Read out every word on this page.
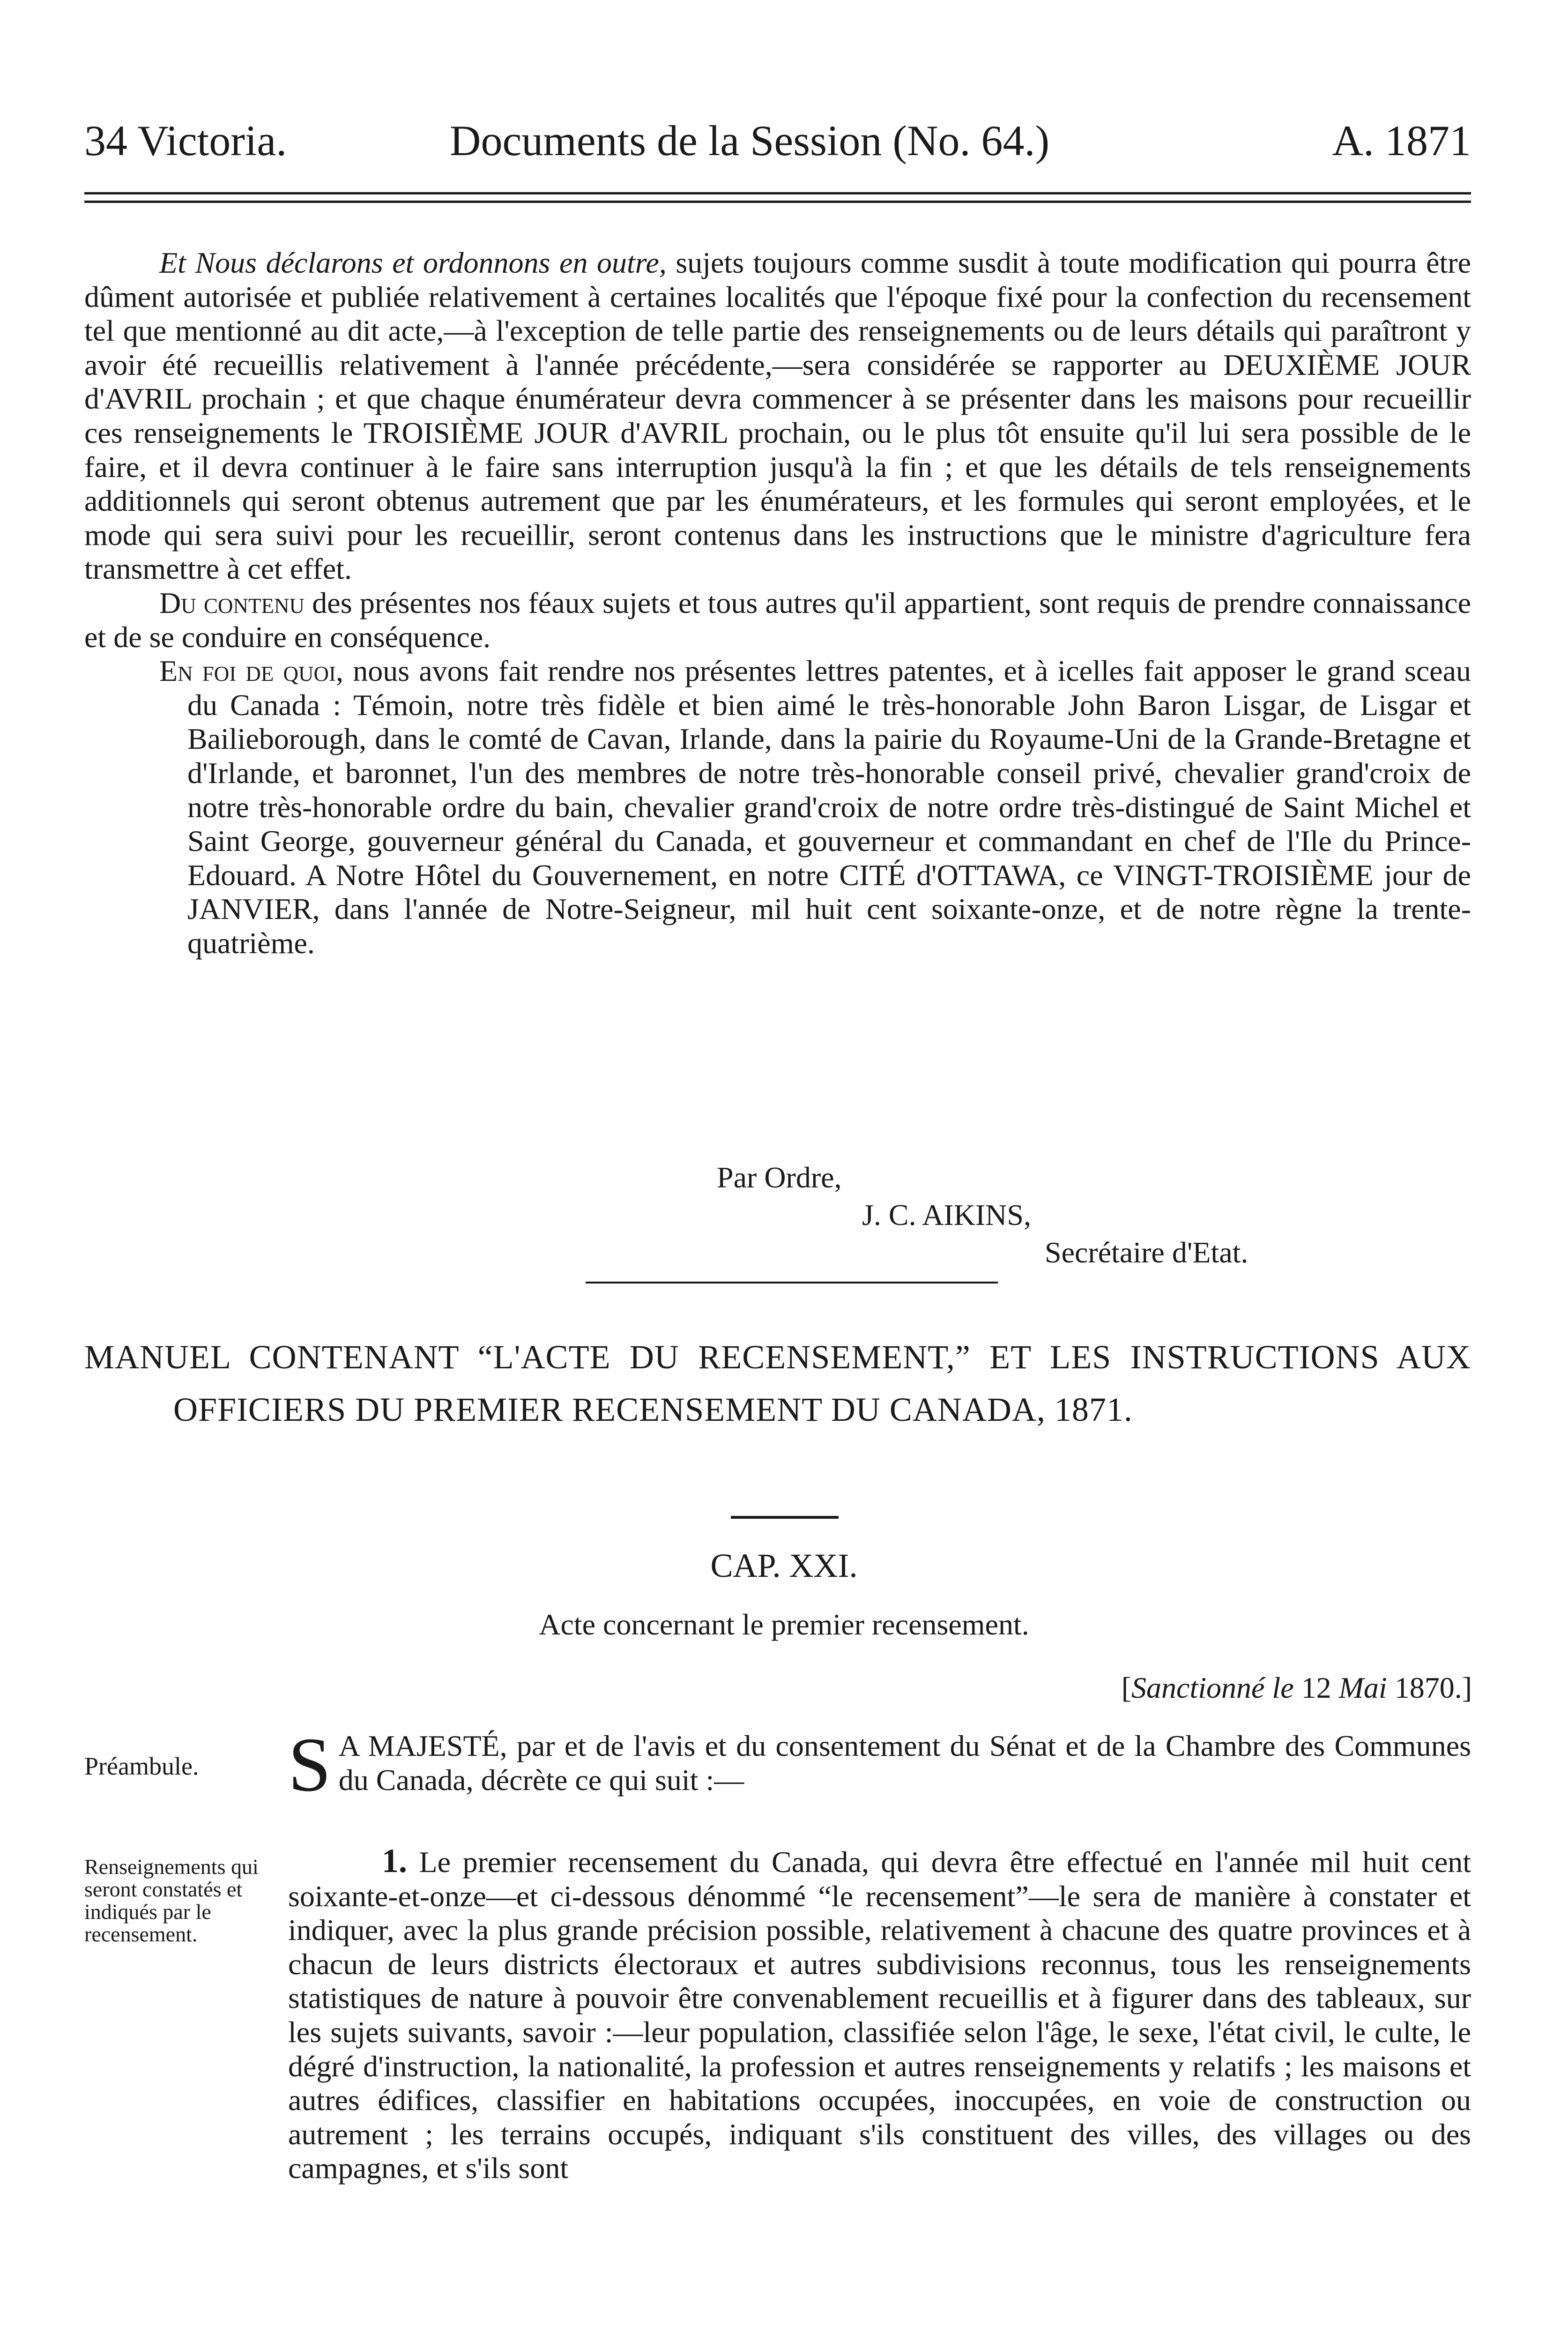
34 Victoria.	Documents de la Session (No. 64.)	A. 1871

Et Nous déclarons et ordonnons en outre, sujets toujours comme susdit à toute modification qui pourra être dûment autorisée et publiée relativement à certaines localités que l'époque fixé pour la confection du recensement tel que mentionné au dit acte,—à l'exception de telle partie des renseignements ou de leurs détails qui paraîtront y avoir été recueillis relativement à l'année précédente,—sera considérée se rapporter au DEUXIÈME JOUR d'AVRIL prochain ; et que chaque énumérateur devra commencer à se présenter dans les maisons pour recueillir ces renseignements le TROISIÈME JOUR d'AVRIL prochain, ou le plus tôt ensuite qu'il lui sera possible de le faire, et il devra continuer à le faire sans interruption jusqu'à la fin ; et que les détails de tels renseignements additionnels qui seront obtenus autrement que par les énumérateurs, et les formules qui seront employées, et le mode qui sera suivi pour les recueillir, seront contenus dans les instructions que le ministre d'agriculture fera transmettre à cet effet.

Du contenu des présentes nos féaux sujets et tous autres qu'il appartient, sont requis de prendre connaissance et de se conduire en conséquence.

En foi de quoi, nous avons fait rendre nos présentes lettres patentes, et à icelles fait apposer le grand sceau du Canada : Témoin, notre très fidèle et bien aimé le très-honorable John Baron Lisgar, de Lisgar et Bailieborough, dans le comté de Cavan, Irlande, dans la pairie du Royaume-Uni de la Grande-Bretagne et d'Irlande, et baronnet, l'un des membres de notre très-honorable conseil privé, chevalier grand'croix de notre très-honorable ordre du bain, chevalier grand'croix de notre ordre très-distingué de Saint Michel et Saint George, gouverneur général du Canada, et gouverneur et commandant en chef de l'Ile du Prince-Edouard. A Notre Hôtel du Gouvernement, en notre CITÉ d'OTTAWA, ce VINGT-TROISIÈME jour de JANVIER, dans l'année de Notre-Seigneur, mil huit cent soixante-onze, et de notre règne la trente-quatrième.

Par Ordre,
J. C. AIKINS,
Secrétaire d'Etat.

MANUEL CONTENANT “L'ACTE DU RECENSEMENT,” ET LES INSTRUCTIONS AUX OFFICIERS DU PREMIER RECENSEMENT DU CANADA, 1871.

CAP. XXI.
Acte concernant le premier recensement.
[Sanctionné le 12 Mai 1870.]
Préambule.	S A MAJESTÉ, par et de l'avis et du consentement du Sénat et de la Chambre des Communes du Canada, décrète ce qui suit :—

Renseignements qui seront constatés et indiqués par le recensement.

1. Le premier recensement du Canada, qui devra être effectué en l'année mil huit cent soixante-et-onze—et ci-dessous dénommé “le recensement”—le sera de manière à constater et indiquer, avec la plus grande précision possible, relativement à chacune des quatre provinces et à chacun de leurs districts électoraux et autres subdivisions reconnus, tous les renseignements statistiques de nature à pouvoir être convenablement recueillis et à figurer dans des tableaux, sur les sujets suivants, savoir :—leur population, classifiée selon l'âge, le sexe, l'état civil, le culte, le dégré d'instruction, la nationalité, la profession et autres renseignements y relatifs ; les maisons et autres édifices, classifier en habitations occupées, inoccupées, en voie de construction ou autrement ; les terrains occupés, indiquant s'ils constituent des villes, des villages ou des campagnes, et s'ils sont
